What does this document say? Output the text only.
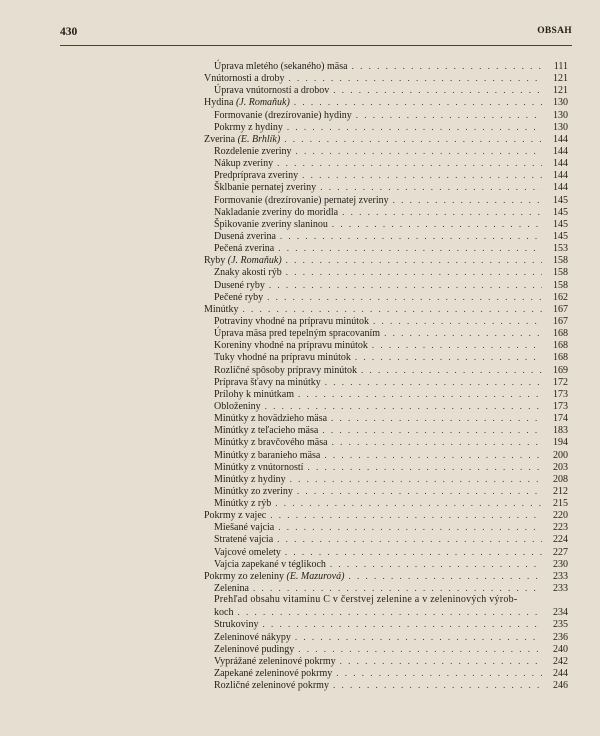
430	OBSAH
Úprava mletého (sekaného) mäsa . . .	111
Vnútornosti a droby . . .	121
Úprava vnútorností a drobov . . .	121
Hydina (J. Romaňuk) . . .	130
Formovanie (drezírovanie) hydiny . . .	130
Pokrmy z hydiny . . .	130
Zverina (E. Brhlík) . . .	144
Rozdelenie zveriny . . .	144
Nákup zveriny . . .	144
Predpríprava zveriny . . .	144
Šklbanie pernatej zveriny . . .	144
Formovanie (drezírovanie) pernatej zveriny . . .	145
Nakladanie zveriny do moridla . . .	145
Špikovanie zveriny slaninou . . .	145
Dusená zverina . . .	145
Pečená zverina . . .	153
Ryby (J. Romaňuk) . . .	158
Znaky akosti rýb . . .	158
Dusené ryby . . .	158
Pečené ryby . . .	162
Minútky . . .	167
Potraviny vhodné na prípravu minútok . . .	167
Úprava mäsa pred tepelným spracovaním . . .	168
Koreniny vhodné na prípravu minútok . . .	168
Tuky vhodné na prípravu minútok . . .	168
Rozličné spôsoby prípravy minútok . . .	169
Príprava šťavy na minútky . . .	172
Prílohy k minútkam . . .	173
Obloženiny . . .	173
Minútky z hovädzieho mäsa . . .	174
Minútky z teľacieho mäsa . . .	183
Minútky z bravčového mäsa . . .	194
Minútky z baranieho mäsa . . .	200
Minútky z vnútorností . . .	203
Minútky z hydiny . . .	208
Minútky zo zveriny . . .	212
Minútky z rýb . . .	215
Pokrmy z vajec . . .	220
Miešané vajcia . . .	223
Stratené vajcia . . .	224
Vajcové omelety . . .	227
Vajcia zapekané v téglikoch . . .	230
Pokrmy zo zeleniny (E. Mazurová) . . .	233
Zelenina . . .	233
Prehľad obsahu vitamínu C v čerstvej zelenine a v zeleninových výrob-
koch . . .	234
Strukoviny . . .	235
Zeleninové nákypy . . .	236
Zeleninové pudingy . . .	240
Vyprážané zeleninové pokrmy . . .	242
Zapekané zeleninové pokrmy . . .	244
Rozličné zeleninové pokrmy . . .	246
